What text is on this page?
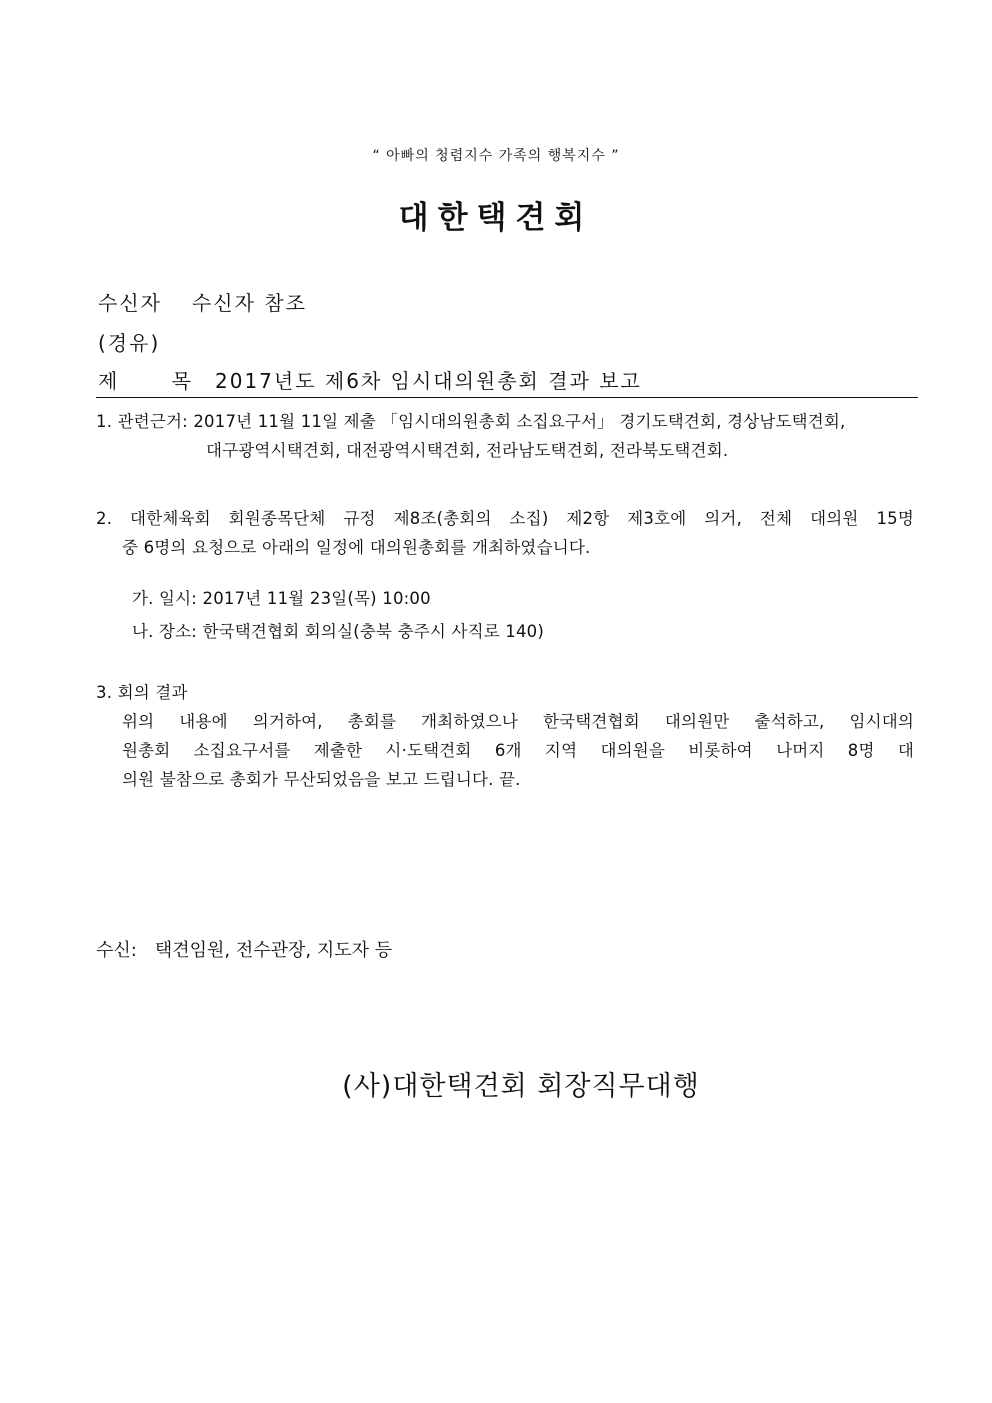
“ 아빠의 청렴지수 가족의 행복지수 ”
대한택견회
수신자 수신자 참조
(경유)
제 목2017년도 제6차 임시대의원총회 결과 보고
1. 관련근거: 2017년 11월 11일 제출 「임시대의원총회 소집요구서」 경기도택견회, 경상남도택견회,
대구광역시택견회, 대전광역시택견회, 전라남도택견회, 전라북도택견회.
2. 대한체육회 회원종목단체 규정 제8조(총회의 소집) 제2항 제3호에 의거, 전체 대의원 15명
중 6명의 요청으로 아래의 일정에 대의원총회를 개최하였습니다.
가. 일시: 2017년 11월 23일(목) 10:00
나. 장소: 한국택견협회 회의실(충북 충주시 사직로 140)
3. 회의 결과
위의 내용에 의거하여, 총회를 개최하였으나 한국택견협회 대의원만 출석하고, 임시대의
원총회 소집요구서를 제출한 시·도택견회 6개 지역 대의원을 비롯하여 나머지 8명 대
의원 불참으로 총회가 무산되었음을 보고 드립니다. 끝.
수신: 택견임원, 전수관장, 지도자 등
(사)대한택견회 회장직무대행
